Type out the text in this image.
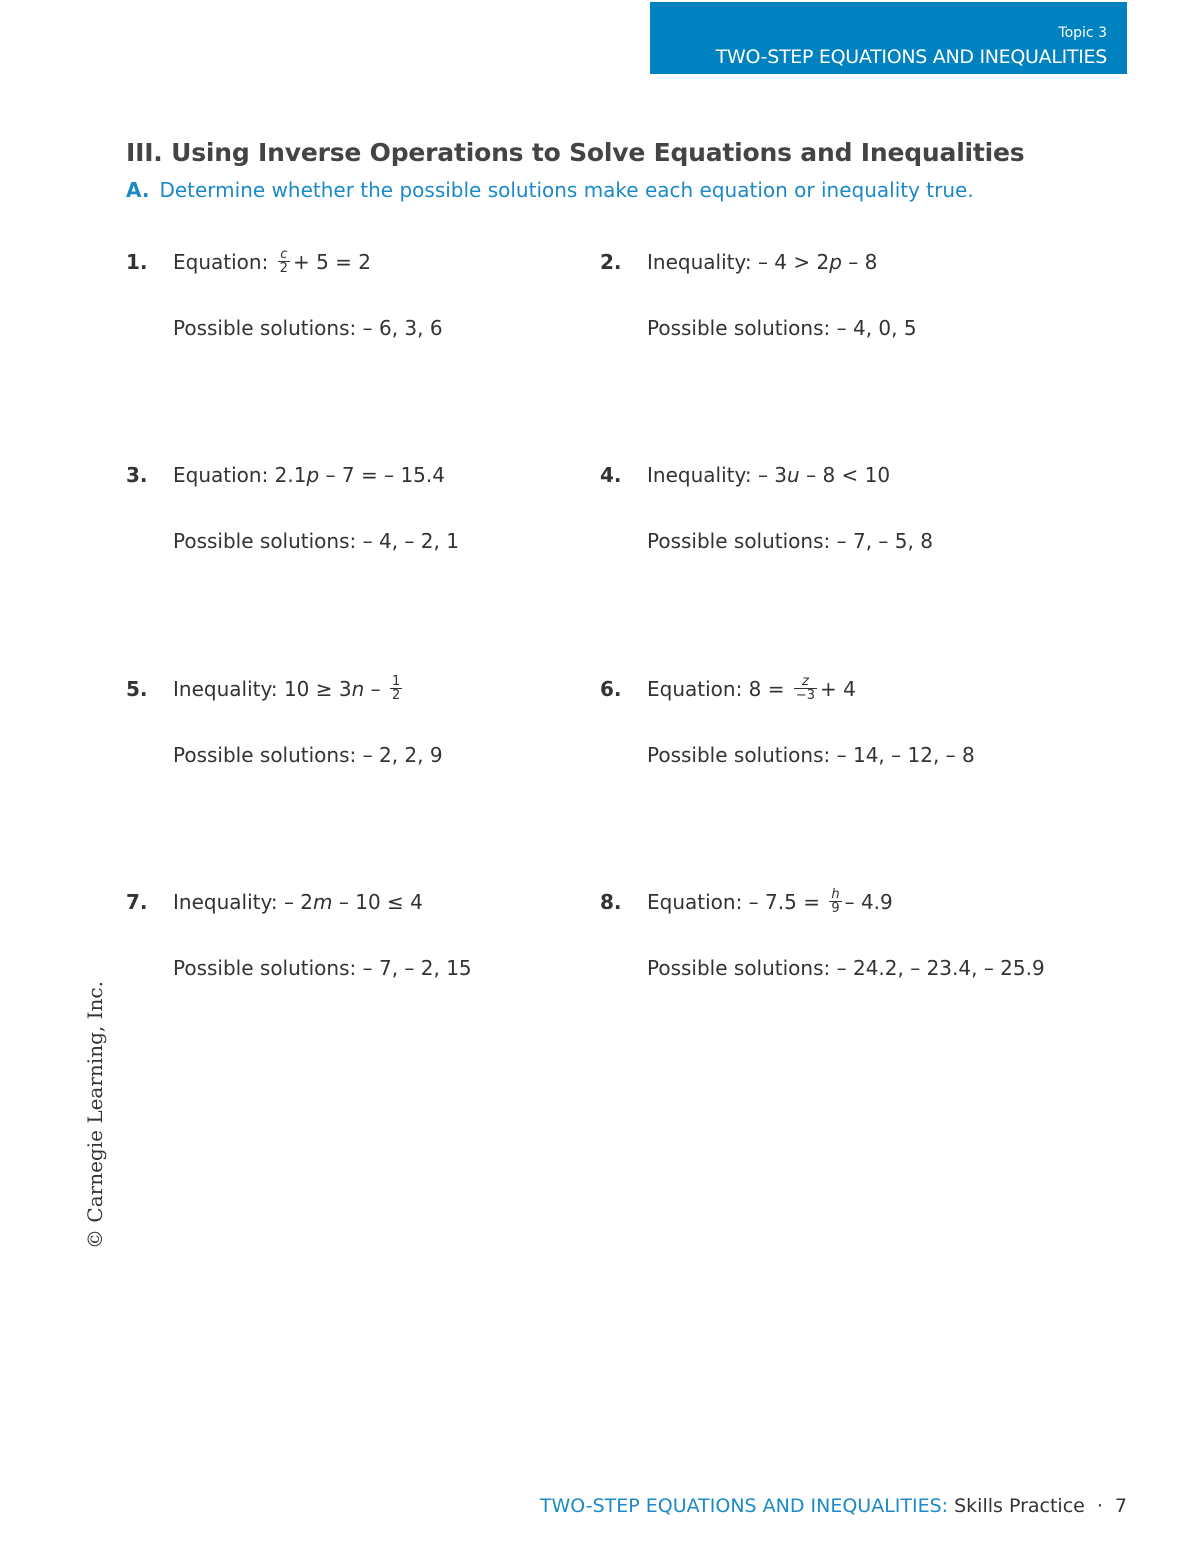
Topic 3
TWO-STEP EQUATIONS AND INEQUALITIES
III. Using Inverse Operations to Solve Equations and Inequalities
A. Determine whether the possible solutions make each equation or inequality true.
1. Equation: $\frac{c}{2} + 5 = 2$
Possible solutions: – 6, 3, 6
2. Inequality: – 4 > 2p – 8
Possible solutions: – 4, 0, 5
3. Equation: 2.1p – 7 = – 15.4
Possible solutions: – 4, – 2, 1
4. Inequality: – 3u – 8 < 10
Possible solutions: – 7, – 5, 8
5. Inequality: $10 \ge 3n - \frac{1}{2}$
Possible solutions: – 2, 2, 9
6. Equation: $8 = \frac{z}{-3} + 4$
Possible solutions: – 14, – 12, – 8
7. Inequality: – 2m – 10 ≤ 4
Possible solutions: – 7, – 2, 15
8. Equation: – $7.5 = \frac{h}{9} - 4.9$
Possible solutions: – 24.2, – 23.4, – 25.9
© Carnegie Learning, Inc.
TWO-STEP EQUATIONS AND INEQUALITIES: Skills Practice · 7
